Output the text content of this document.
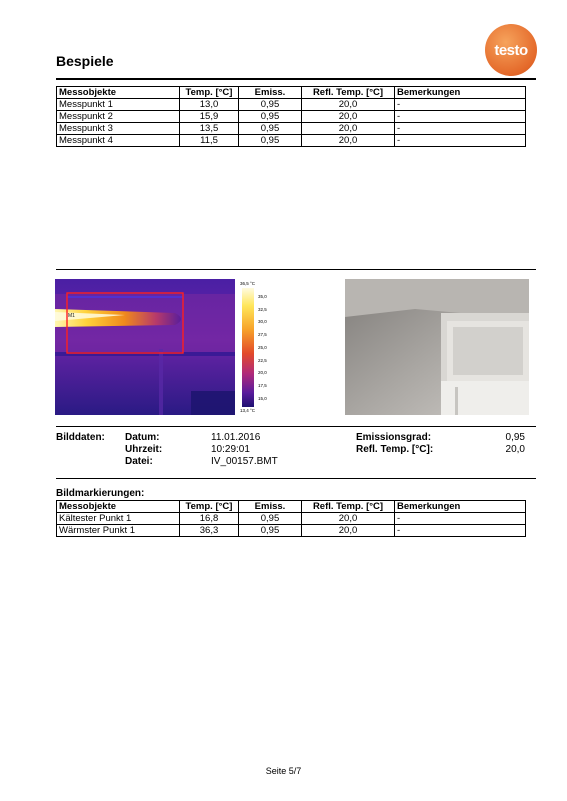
Bespiele
testo
Messobjekte	Temp. [°C]	Emiss.	Refl. Temp. [°C]	Bemerkungen
Messpunkt 1	13,0	0,95	20,0	-
Messpunkt 2	15,9	0,95	20,0	-
Messpunkt 3	13,5	0,95	20,0	-
Messpunkt 4	11,5	0,95	20,0	-
M1
36,5 °C
35,0
32,5
30,0
27,5
25,0
22,5
20,0
17,5
15,0
13,4 °C
Bilddaten: Datum:	11.01.2016
Uhrzeit:	10:29:01
Datei:	IV_00157.BMT
Emissionsgrad:	0,95
Refl. Temp. [°C]:	20,0
Bildmarkierungen:
Messobjekte	Temp. [°C]	Emiss.	Refl. Temp. [°C]	Bemerkungen
Kältester Punkt 1	16,8	0,95	20,0	-
Wärmster Punkt 1	36,3	0,95	20,0	-
Seite 5/7
